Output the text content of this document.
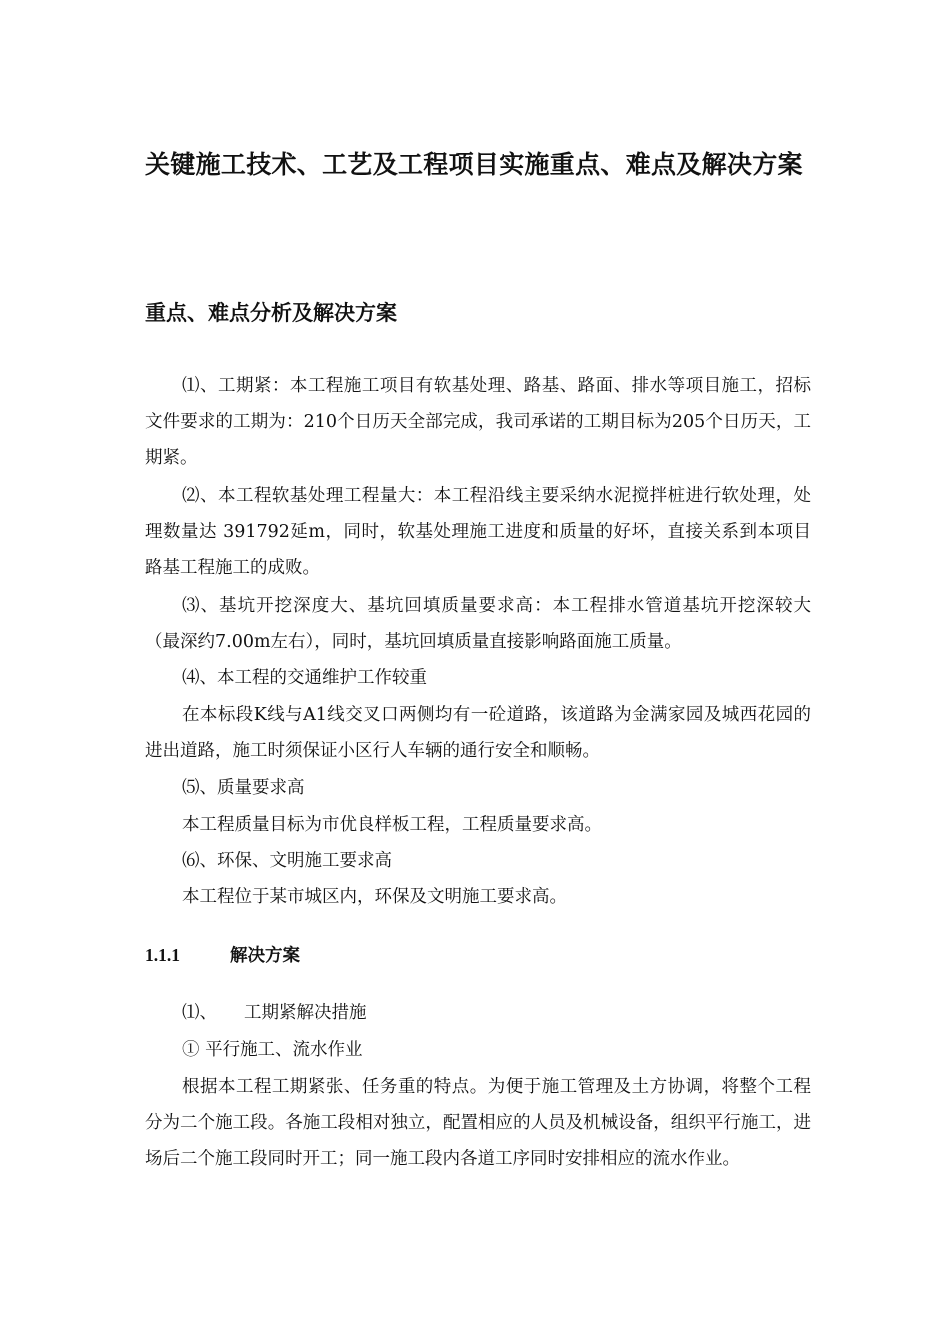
关键施工技术、工艺及工程项目实施重点、难点及解决方案
重点、难点分析及解决方案

⑴、工期紧：本工程施工项目有软基处理、路基、路面、排水等项目施工，招标文件要求的工期为：210个日历天全部完成，我司承诺的工期目标为205个日历天，工期紧。

⑵、本工程软基处理工程量大：本工程沿线主要采纳水泥搅拌桩进行软处理，处理数量达 391792延m，同时，软基处理施工进度和质量的好坏，直接关系到本项目路基工程施工的成败。

⑶、基坑开挖深度大、基坑回填质量要求高：本工程排水管道基坑开挖深较大（最深约7.00m左右），同时，基坑回填质量直接影响路面施工质量。

⑷、本工程的交通维护工作较重

在本标段K线与A1线交叉口两侧均有一砼道路，该道路为金满家园及城西花园的进出道路，施工时须保证小区行人车辆的通行安全和顺畅。

⑸、质量要求高

本工程质量目标为市优良样板工程，工程质量要求高。

⑹、环保、文明施工要求高

本工程位于某市城区内，环保及文明施工要求高。

1.1.1	解决方案

⑴、 工期紧解决措施

① 平行施工、流水作业

根据本工程工期紧张、任务重的特点。为便于施工管理及土方协调，将整个工程分为二个施工段。各施工段相对独立，配置相应的人员及机械设备，组织平行施工，进场后二个施工段同时开工；同一施工段内各道工序同时安排相应的流水作业。
